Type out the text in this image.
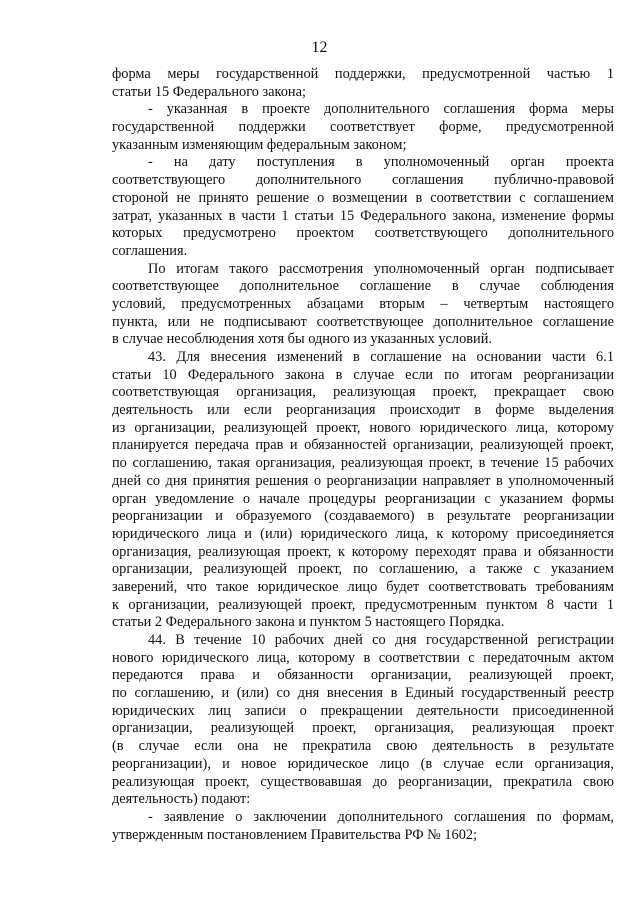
12
форма меры государственной поддержки, предусмотренной частью 1
статьи 15 Федерального закона;
- указанная в проекте дополнительного соглашения форма меры
государственной поддержки соответствует форме, предусмотренной
указанным изменяющим федеральным законом;
- на дату поступления в уполномоченный орган проекта
соответствующего дополнительного соглашения публично-правовой
стороной не принято решение о возмещении в соответствии с соглашением
затрат, указанных в части 1 статьи 15 Федерального закона, изменение формы
которых предусмотрено проектом соответствующего дополнительного
соглашения.
По итогам такого рассмотрения уполномоченный орган подписывает
соответствующее дополнительное соглашение в случае соблюдения
условий, предусмотренных абзацами вторым – четвертым настоящего
пункта, или не подписывают соответствующее дополнительное соглашение
в случае несоблюдения хотя бы одного из указанных условий.
43. Для внесения изменений в соглашение на основании части 6.1
статьи 10 Федерального закона в случае если по итогам реорганизации
соответствующая организация, реализующая проект, прекращает свою
деятельность или если реорганизация происходит в форме выделения
из организации, реализующей проект, нового юридического лица, которому
планируется передача прав и обязанностей организации, реализующей проект,
по соглашению, такая организация, реализующая проект, в течение 15 рабочих
дней со дня принятия решения о реорганизации направляет в уполномоченный
орган уведомление о начале процедуры реорганизации с указанием формы
реорганизации и образуемого (создаваемого) в результате реорганизации
юридического лица и (или) юридического лица, к которому присоединяется
организация, реализующая проект, к которому переходят права и обязанности
организации, реализующей проект, по соглашению, а также с указанием
заверений, что такое юридическое лицо будет соответствовать требованиям
к организации, реализующей проект, предусмотренным пунктом 8 части 1
статьи 2 Федерального закона и пунктом 5 настоящего Порядка.
44. В течение 10 рабочих дней со дня государственной регистрации
нового юридического лица, которому в соответствии с передаточным актом
передаются права и обязанности организации, реализующей проект,
по соглашению, и (или) со дня внесения в Единый государственный реестр
юридических лиц записи о прекращении деятельности присоединенной
организации, реализующей проект, организация, реализующая проект
(в случае если она не прекратила свою деятельность в результате
реорганизации), и новое юридическое лицо (в случае если организация,
реализующая проект, существовавшая до реорганизации, прекратила свою
деятельность) подают:
- заявление о заключении дополнительного соглашения по формам,
утвержденным постановлением Правительства РФ № 1602;
